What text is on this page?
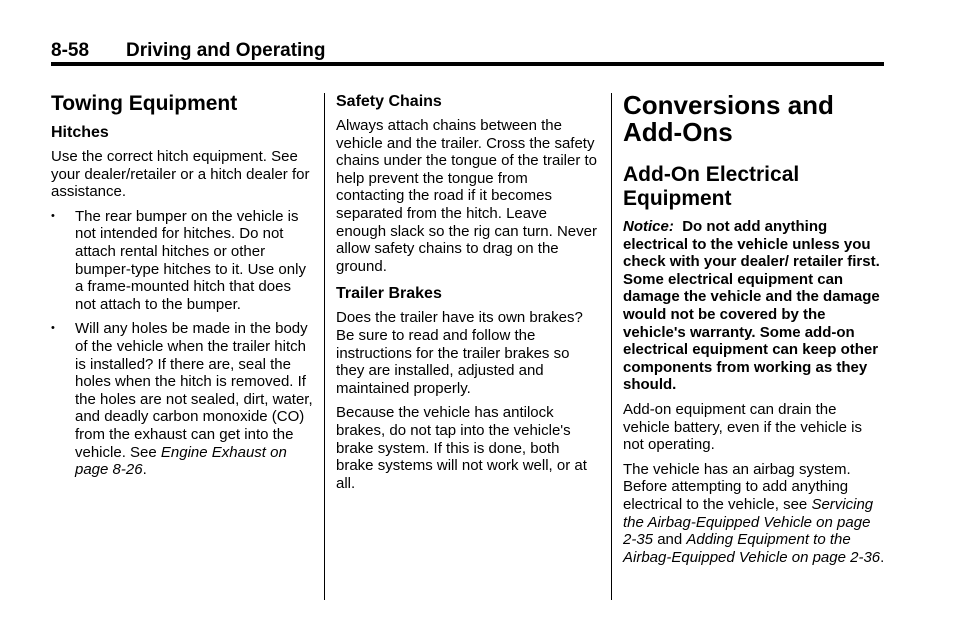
8-58 Driving and Operating
Towing Equipment
Hitches

Use the correct hitch equipment. See your dealer/retailer or a hitch dealer for assistance.

• The rear bumper on the vehicle is not intended for hitches. Do not attach rental hitches or other bumper-type hitches to it. Use only a frame-mounted hitch that does not attach to the bumper.
• Will any holes be made in the body of the vehicle when the trailer hitch is installed? If there are, seal the holes when the hitch is removed. If the holes are not sealed, dirt, water, and deadly carbon monoxide (CO) from the exhaust can get into the vehicle. See Engine Exhaust on page 8‑26.
Safety Chains

Always attach chains between the vehicle and the trailer. Cross the safety chains under the tongue of the trailer to help prevent the tongue from contacting the road if it becomes separated from the hitch. Leave enough slack so the rig can turn. Never allow safety chains to drag on the ground.

Trailer Brakes

Does the trailer have its own brakes? Be sure to read and follow the instructions for the trailer brakes so they are installed, adjusted and maintained properly.

Because the vehicle has antilock brakes, do not tap into the vehicle's brake system. If this is done, both brake systems will not work well, or at all.

Conversions and Add-Ons
Add-On Electrical Equipment

Notice: Do not add anything electrical to the vehicle unless you check with your dealer/ retailer first. Some electrical equipment can damage the vehicle and the damage would not be covered by the vehicle's warranty. Some add-on electrical equipment can keep other components from working as they should.

Add-on equipment can drain the vehicle battery, even if the vehicle is not operating.

The vehicle has an airbag system. Before attempting to add anything electrical to the vehicle, see Servicing the Airbag-Equipped Vehicle on page 2‑35 and Adding Equipment to the Airbag-Equipped Vehicle on page 2‑36.
